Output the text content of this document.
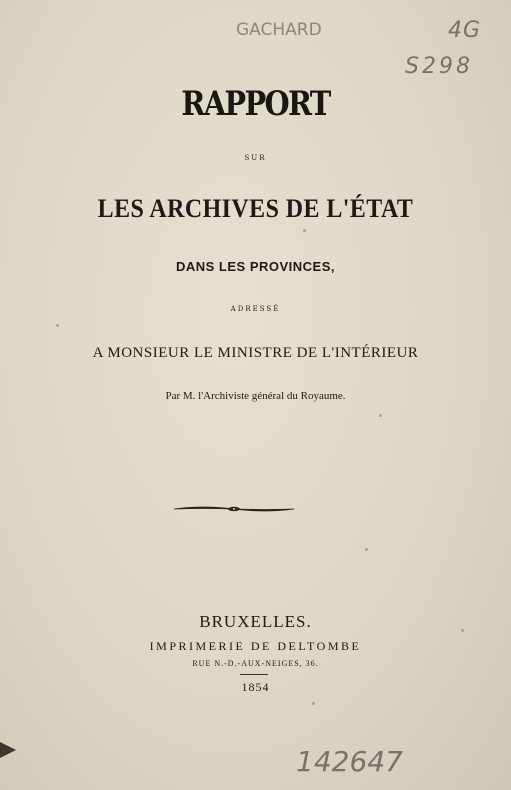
GACHARD	4G
S298
RAPPORT
SUR
LES ARCHIVES DE L'ÉTAT
DANS LES PROVINCES,
ADRESSÉ
A MONSIEUR LE MINISTRE DE L'INTÉRIEUR
Par M. l'Archiviste général du Royaume.
BRUXELLES.
IMPRIMERIE DE DELTOMBE
RUE N.-D.-AUX-NEIGES, 36.
1854
142647
